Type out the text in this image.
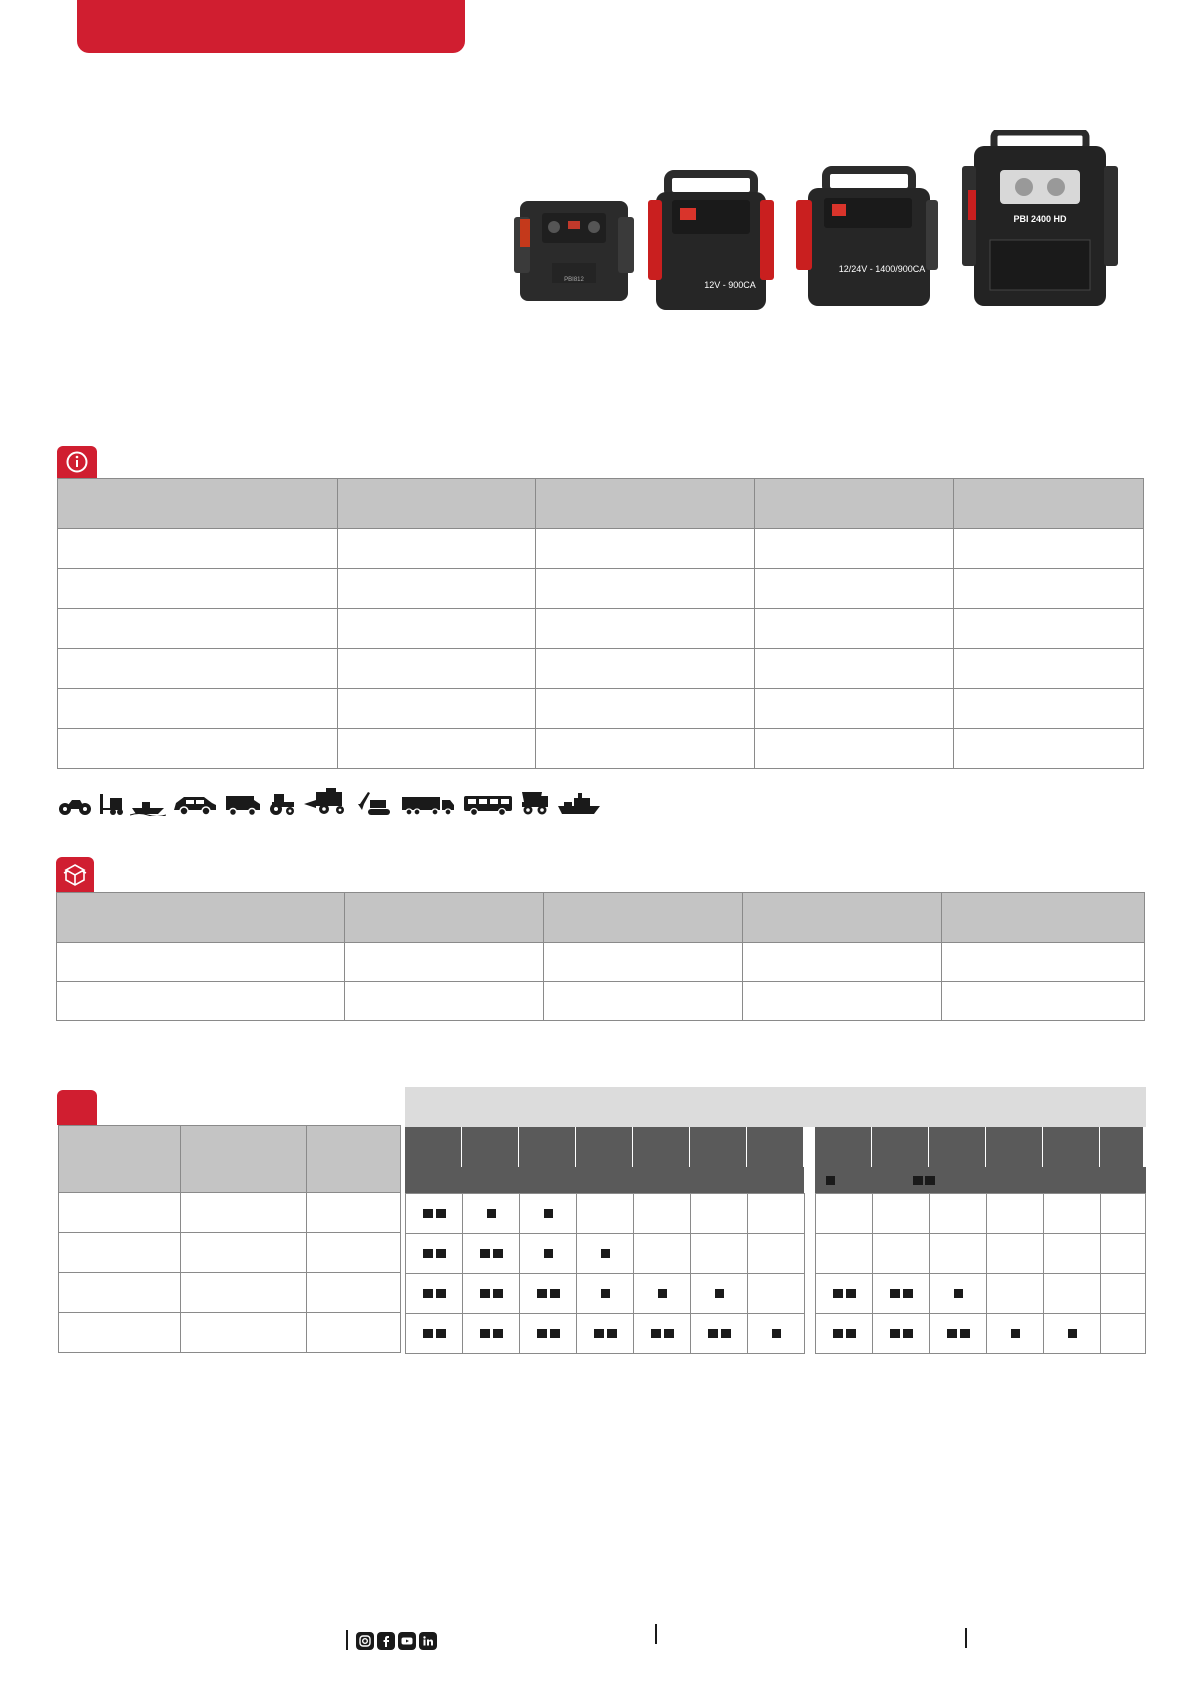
PBI812	12V - 900CA
12/24V - 1400/900CA
PBI 2400 HD
